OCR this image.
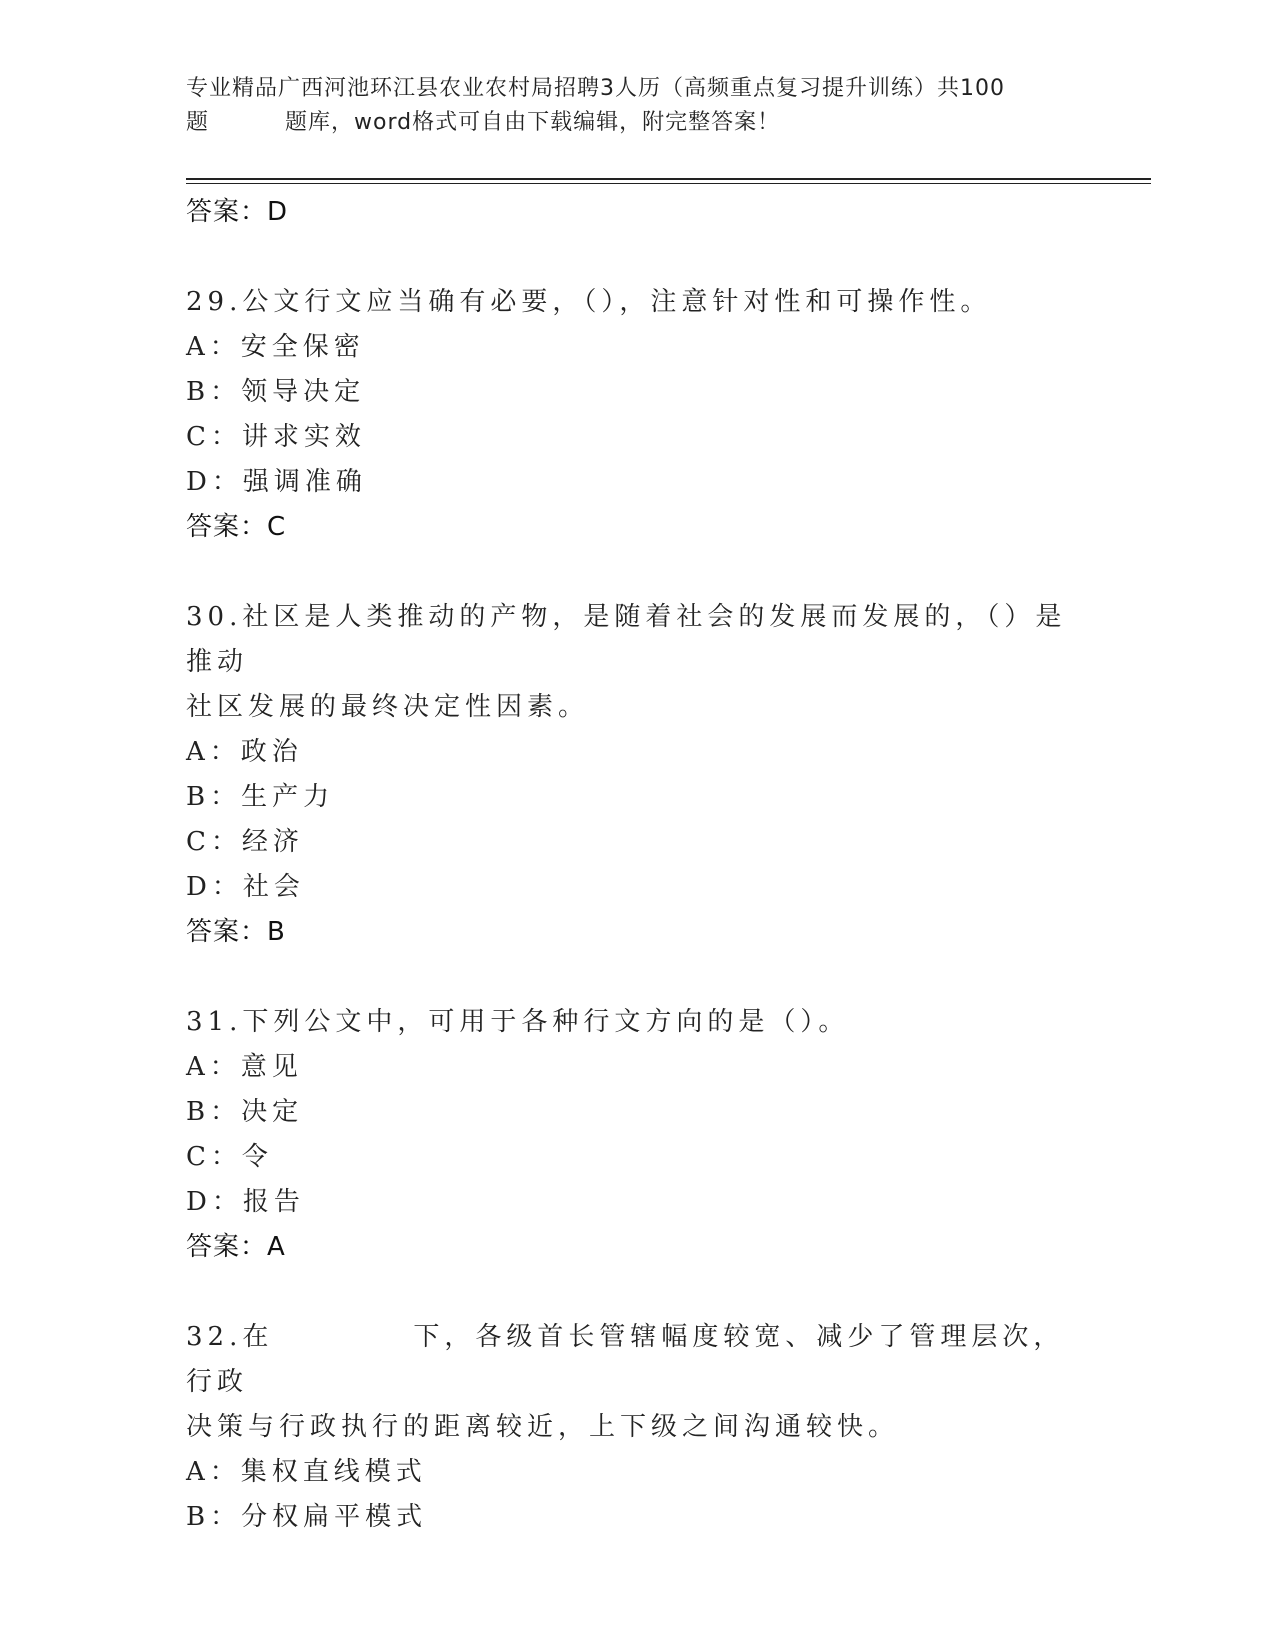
专业精品广西河池环江县农业农村局招聘3人历（高频重点复习提升训练）共100
题	题库，word格式可自由下载编辑，附完整答案！
答案：D
29.公文行文应当确有必要，（），注意针对性和可操作性。
A：安全保密
B：领导决定
C：讲求实效
D：强调准确
答案：C
30.社区是人类推动的产物，是随着社会的发展而发展的，（）是推动
社区发展的最终决定性因素。
A：政治
B：生产力
C：经济
D：社会
答案：B
31.下列公文中，可用于各种行文方向的是（）。
A：意见
B：决定
C：令
D：报告
答案：A
32.在	下，各级首长管辖幅度较宽、减少了管理层次，行政
决策与行政执行的距离较近，上下级之间沟通较快。
A：集权直线模式
B：分权扁平模式
